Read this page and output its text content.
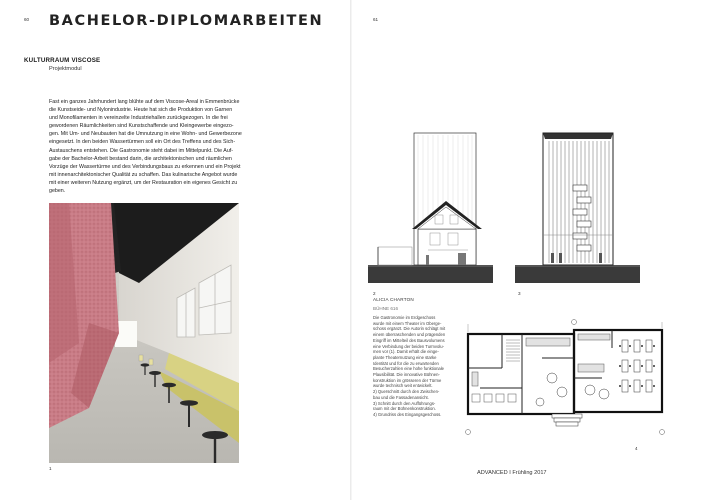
60 BACHELOR-DIPLOMARBEITEN	61
KULTURRAUM VISCOSE
Projektmodul
Fast ein ganzes Jahrhundert lang blühte auf dem Viscose-Areal in Emmenbrücke
die Kunstseide- und Nylonindustrie. Heute hat sich die Produktion von Garnen
und Monofilamenten in vereinzelte Industriehallen zurückgezogen. In die frei
gewordenen Räumlichkeiten sind Kunstschaffende und Kleingewerbe eingezo-
gen. Mit Um- und Neubauten hat die Umnutzung in eine Wohn- und Gewerbezone
eingesetzt. In den beiden Wassertürmen soll ein Ort des Treffens und des Sich-
Austauschens entstehen. Die Gastronomie steht dabei im Mittelpunkt. Die Auf-
gabe der Bachelor-Arbeit bestand darin, die architektonischen und räumlichen
Vorzüge der Wassertürme und des Verbindungsbaus zu erkennen und ein Projekt
mit innenarchitektonischer Qualität zu schaffen. Das kulinarische Angebot wurde
mit einer weiteren Nutzung ergänzt, um der Restauration ein eigenes Gesicht zu
geben.
1
2	3
ALICIA CHARTON
BÜHNE 616
Die Gastronomie im Erdgeschoss
wurde mit einem Theater im Oberge-
schoss ergänzt. Die Autorin schlägt mit
einem überraschenden und prägenden
Eingriff im Mittelteil des Bausvolumens
eine Verbindung der beiden Turmvolu-
men vor (1). Damit erhält die einge-
plante Theaternutzung eine starke
Identität und für die zu erwartenden
Besucherzahlen eine hohe funktionale
Plausibilität. Die innovative Bühnen-
konstruktion im grösseren der Türme
wurde technisch weit entwickelt.
2) Querschnitt durch den Zwischen-
bau und die Fassadenansicht.
3) Schnitt durch den Aufführungs-
raum mit der Bühnenkonstruktion.
4) Grundriss des Eingangsgeschoss.
4
ADVANCED I Frühling 2017
